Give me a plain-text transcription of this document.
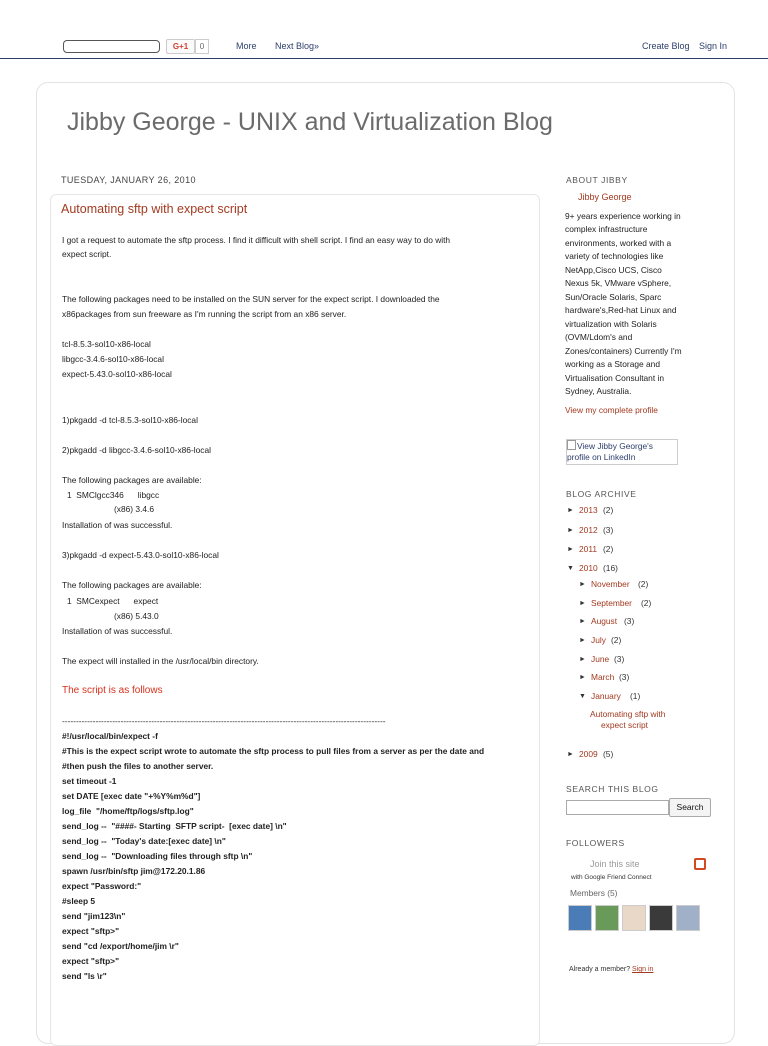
G+1	0	More Next Blog»	Create Blog Sign In
Jibby George - UNIX and Virtualization Blog
TUESDAY, JANUARY 26, 2010
Automating sftp with expect script
I got a request to automate the sftp process. I find it difficult with shell script. I find an easy way to do with
expect script.
The following packages need to be installed on the SUN server for the expect script. I downloaded the
x86packages from sun freeware as I'm running the script from an x86 server.
tcl-8.5.3-sol10-x86-local
libgcc-3.4.6-sol10-x86-local
expect-5.43.0-sol10-x86-local
1)pkgadd -d tcl-8.5.3-sol10-x86-local
2)pkgadd -d libgcc-3.4.6-sol10-x86-local
The following packages are available:
1  SMClgcc346      libgcc
(x86) 3.4.6
Installation of was successful.
3)pkgadd -d expect-5.43.0-sol10-x86-local
The following packages are available:
1  SMCexpect      expect
(x86) 5.43.0
Installation of was successful.
The expect will installed in the /usr/local/bin directory.
The script is as follows
--------------------------------------------------------------------------------------------------------------------
#!/usr/local/bin/expect -f
#This is the expect script wrote to automate the sftp process to pull files from a server as per the date and
#then push the files to another server.
set timeout -1
set DATE [exec date "+%Y%m%d"]
log_file  "/home/ftp/logs/sftp.log"
send_log --  "####- Starting  SFTP script-  [exec date] \n"
send_log --  "Today's date:[exec date] \n"
send_log --  "Downloading files through sftp \n"
spawn /usr/bin/sftp jim@172.20.1.86
expect "Password:"
#sleep 5
send "jim123\n"
expect "sftp>"
send "cd /export/home/jim \r"
expect "sftp>"
send "ls \r"
ABOUT JIBBY
Jibby George
9+ years experience working in
complex infrastructure
environments, worked with a
variety of technologies like
NetApp,Cisco UCS, Cisco
Nexus 5k, VMware vSphere,
Sun/Oracle Solaris, Sparc
hardware's,Red-hat Linux and
virtualization with Solaris
(OVM/Ldom's and
Zones/containers) Currently I'm
working as a Storage and
Virtualisation Consultant in
Sydney, Australia.
View my complete profile
View Jibby George's profile on LinkedIn
BLOG ARCHIVE
► 2013 (2)
► 2012 (3)
► 2011 (2)
▼ 2010 (16)
► November (2)
► September (2)
► August (3)
► July (2)
► June (3)
► March (3)
▼ January (1)
Automating sftp with
expect script
► 2009 (5)
SEARCH THIS BLOG
Search
FOLLOWERS
Join this site
with Google Friend Connect
Members (5)
Already a member? Sign in
